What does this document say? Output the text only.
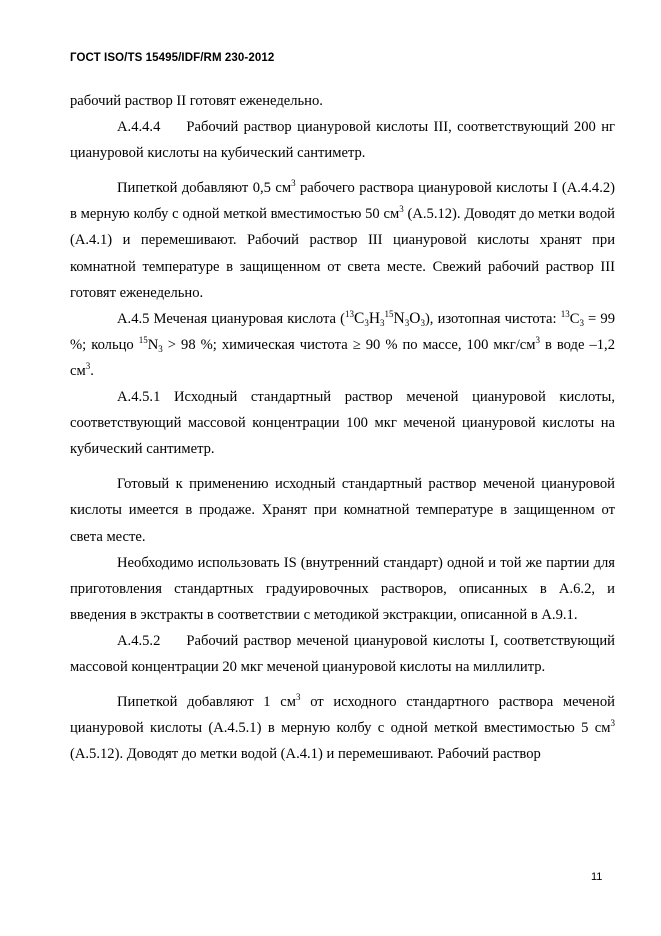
ГОСТ ISO/TS 15495/IDF/RM 230-2012

рабочий раствор II готовят еженедельно.

А.4.4.4 Рабочий раствор циануровой кислоты III, соответствующий 200 нг циануровой кислоты на кубический сантиметр.

Пипеткой добавляют 0,5 $см^3$ рабочего раствора циануровой кислоты I (А.4.4.2) в мерную колбу с одной меткой вместимостью 50 $см^3$ (А.5.12). Доводят до метки водой (А.4.1) и перемешивают. Рабочий раствор III циануровой кислоты хранят при комнатной температуре в защищенном от света месте. Свежий рабочий раствор III готовят еженедельно.

А.4.5 Меченая циануровая кислота $(^{13}C_3H_3^{15}N_3O_3)$, изотопная чистота: $^{13}C_3 = 99$ %; кольцо $^{15}N_3 > 98$ %; химическая чистота ≥ 90 % по массе, 100 мкг/$см^3$ в воде –1,2 $см^3$.

А.4.5.1 Исходный стандартный раствор меченой циануровой кислоты, соответствующий массовой концентрации 100 мкг меченой циануровой кислоты на кубический сантиметр.

Готовый к применению исходный стандартный раствор меченой циануровой кислоты имеется в продаже. Хранят при комнатной температуре в защищенном от света месте.

Необходимо использовать IS (внутренний стандарт) одной и той же партии для приготовления стандартных градуировочных растворов, описанных в А.6.2, и введения в экстракты в соответствии с методикой экстракции, описанной в А.9.1.

А.4.5.2 Рабочий раствор меченой циануровой кислоты I, соответствующий массовой концентрации 20 мкг меченой циануровой кислоты на миллилитр.

Пипеткой добавляют 1 $см^3$ от исходного стандартного раствора меченой циануровой кислоты (А.4.5.1) в мерную колбу с одной меткой вместимостью 5 $см^3$ (А.5.12). Доводят до метки водой (А.4.1) и перемешивают. Рабочий раствор

11
